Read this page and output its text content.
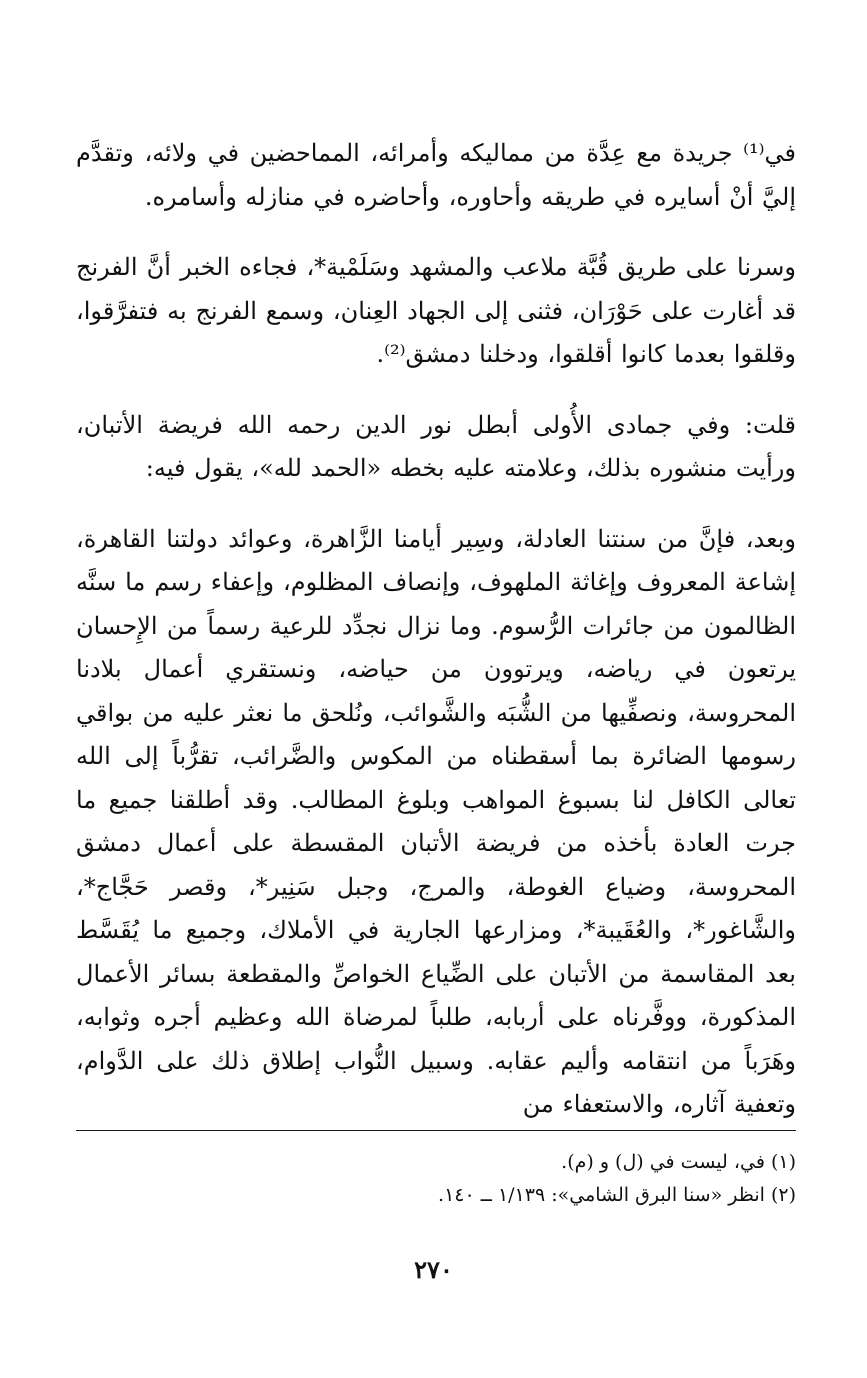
في⁽¹⁾ جريدة مع عِدَّة من مماليكه وأمرائه، المماحضين في ولائه، وتقدَّم إليَّ أنْ أسايره في طريقه وأحاوره، وأحاضره في منازله وأسامره.

وسرنا على طريق قُبَّة ملاعب والمشهد وسَلَمْية*، فجاءه الخبر أنَّ الفرنج قد أغارت على حَوْرَان، فثنى إلى الجهاد العِنان، وسمع الفرنج به فتفرَّقوا، وقلقوا بعدما كانوا أقلقوا، ودخلنا دمشق⁽²⁾.

قلت: وفي جمادى الأُولى أبطل نور الدين رحمه الله فريضة الأتبان، ورأيت منشوره بذلك، وعلامته عليه بخطه «الحمد لله»، يقول فيه:

وبعد، فإنَّ من سنتنا العادلة، وسِير أيامنا الزَّاهرة، وعوائد دولتنا القاهرة، إشاعة المعروف وإغاثة الملهوف، وإنصاف المظلوم، وإعفاء رسم ما سنَّه الظالمون من جائرات الرُّسوم. وما نزال نجدِّد للرعية رسماً من الإِحسان يرتعون في رياضه، ويرتوون من حياضه، ونستقري أعمال بلادنا المحروسة، ونصفِّيها من الشُّبَه والشَّوائب، ونُلحق ما نعثر عليه من بواقي رسومها الضائرة بما أسقطناه من المكوس والضَّرائب، تقرُّباً إلى الله تعالى الكافل لنا بسبوغ المواهب وبلوغ المطالب. وقد أطلقنا جميع ما جرت العادة بأخذه من فريضة الأتبان المقسطة على أعمال دمشق المحروسة، وضياع الغوطة، والمرج، وجبل سَنِير*، وقصر حَجَّاج*، والشَّاغور*، والعُقَيبة*، ومزارعها الجارية في الأملاك، وجميع ما يُقَسَّط بعد المقاسمة من الأتبان على الضِّياع الخواصِّ والمقطعة بسائر الأعمال المذكورة، ووفَّرناه على أربابه، طلباً لمرضاة الله وعظيم أجره وثوابه، وهَرَباً من انتقامه وأليم عقابه. وسبيل النُّواب إطلاق ذلك على الدَّوام، وتعفية آثاره، والاستعفاء من

(١) في، ليست في (ل) و (م).

(٢) انظر «سنا البرق الشامي»: ١/١٣٩ ــ ١٤٠.

٢٧٠
